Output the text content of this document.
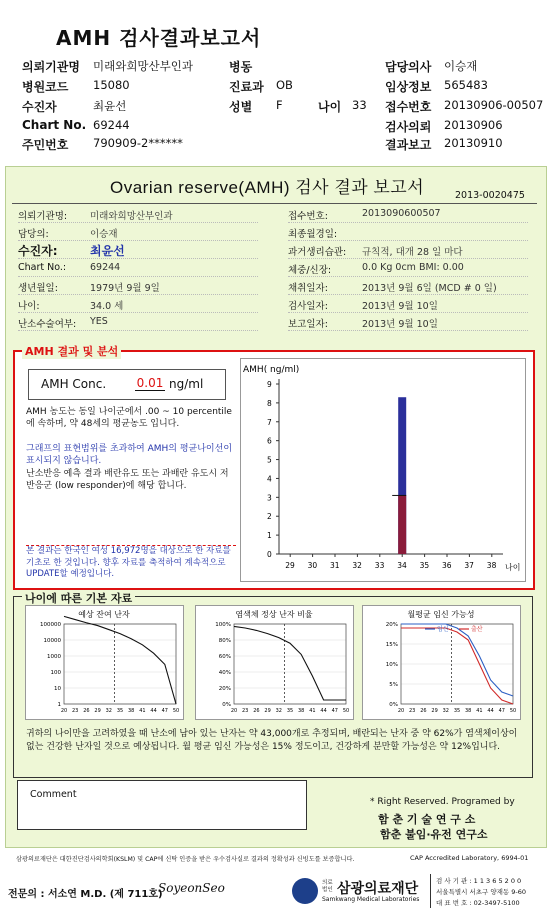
AMH 검사결과보고서
의뢰기관명 미래와희망산부인과	병동	담당의사 이승재
병원코드 15080	진료과 OB	임상정보 565483
수진자	최윤선	성별 F	나이 33 접수번호 20130906-00507
Chart No. 69244	검사의뢰 20130906
주민번호 790909-2******	결과보고 20130910
Ovarian reserve(AMH) 검사 결과 보고서	2013-0020475
의뢰기관명: 미래와희망산부인과
담당의:	이승재
수진자:	최윤선
Chart No.:	69244
생년월일:	1979년 9월 9일
나이:	34.0 세
난소수술여부: YES
접수번호:	2013090600507
최종월경일:
과거생리습관: 규칙적, 대개 28 일 마다
체중/신장:	0.0 Kg 0cm BMI: 0.00
채취일자:	2013년 9월 6일 (MCD # 0 일)
검사일자:	2013년 9월 10일
보고일자:	2013년 9월 10일
AMH 결과 및 분석
AMH Conc.	0.01 ng/ml
AMH 농도는 동일 나이군에서 .00 ~ 10 percentile에 속하며, 약 48세의 평균농도 입니다.
그래프의 표현범위를 초과하여 AMH의 평균나이선이 표시되지 않습니다.
난소반응 예측 결과 배란유도 또는 과배란 유도시 저반응군 (low responder)에 해당 합니다.
본 결과는 한국인 여성 16,972명을 대상으로 한 자료를 기초로 한 것입니다. 향후 자료를 축적하여 계속적으로 UPDATE할 예정입니다.
AMH( ng/ml)
0
1
2
3
4
5
6
7
8
9
29 30 31 32 33 34 35 36 37 38 나이
나이에 따른 기본 자료
예상 잔여 난자
100000
10000
1000
100
10
1
20 23 26 29 32 35 38 41 44 47 50
염색체 정상 난자 비율
100%
80%
60%
40%
20%
0%
20 23 26 29 32 35 38 41 44 47 50
월평균 임신 가능성
20%
15%
10%
5%
0%
20 23 26 29 32 35 38 41 44 47 50
임신	출산
귀하의 나이만을 고려하였을 때 난소에 남아 있는 난자는 약 43,000개로 추정되며, 배란되는 난자 중 약 62%가 염색체이상이 없는 건강한 난자일 것으로 예상됩니다. 월 평균 임신 가능성은 15% 정도이고, 건강하게 분만할 가능성은 약 12%입니다.
Comment
* Right Reserved. Programed by
함 춘 기 술 연 구 소
함춘 불임·유전 연구소
삼광의료재단은 대한진단검사의학회(KSLM) 및 CAP에 신탁 인증을 받은 우수검사실로 결과의 정확성과 신빙도를 보증합니다.	CAP Accredited Laboratory, 6994-01
전문의 : 서소연 M.D. (제 711호)
SoyeonSeo	의료법인 삼광의료재단
Samkwang Medical Laboratories
검 사 기 관 : 1 1 3 6 5 2 0 0
서울특별시 서초구 양재동 9-60
대 표 번 호 : 02-3497-5100
